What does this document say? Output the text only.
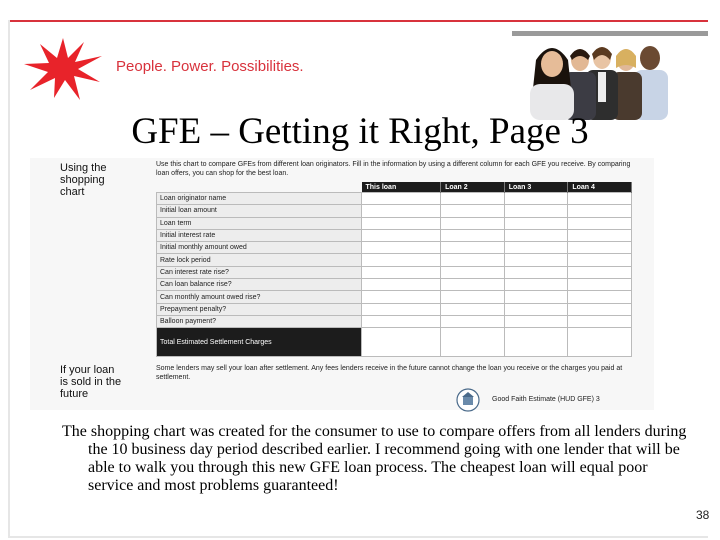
People. Power. Possibilities.
GFE – Getting it Right, Page 3
Using the
shopping
chart
Use this chart to compare GFEs from different loan originators. Fill in the information by using a different column for each GFE you receive. By comparing loan offers, you can shop for the best loan.
	This loan	Loan 2	Loan 3	Loan 4
Loan originator name				
Initial loan amount				
Loan term				
Initial interest rate				
Initial monthly amount owed				
Rate lock period				
Can interest rate rise?				
Can loan balance rise?				
Can monthly amount owed rise?				
Prepayment penalty?				
Balloon payment?				
Total Estimated Settlement Charges				
If your loan
is sold in the
future
Some lenders may sell your loan after settlement. Any fees lenders receive in the future cannot change the loan you receive or the charges you paid at settlement.
Good Faith Estimate (HUD GFE) 3

The shopping chart was created for the consumer to use to compare offers from all lenders during the 10 business day period described earlier. I recommend going with one lender that will be able to walk you through this new GFE loan process. The cheapest loan will equal poor service and most problems guaranteed!

38
